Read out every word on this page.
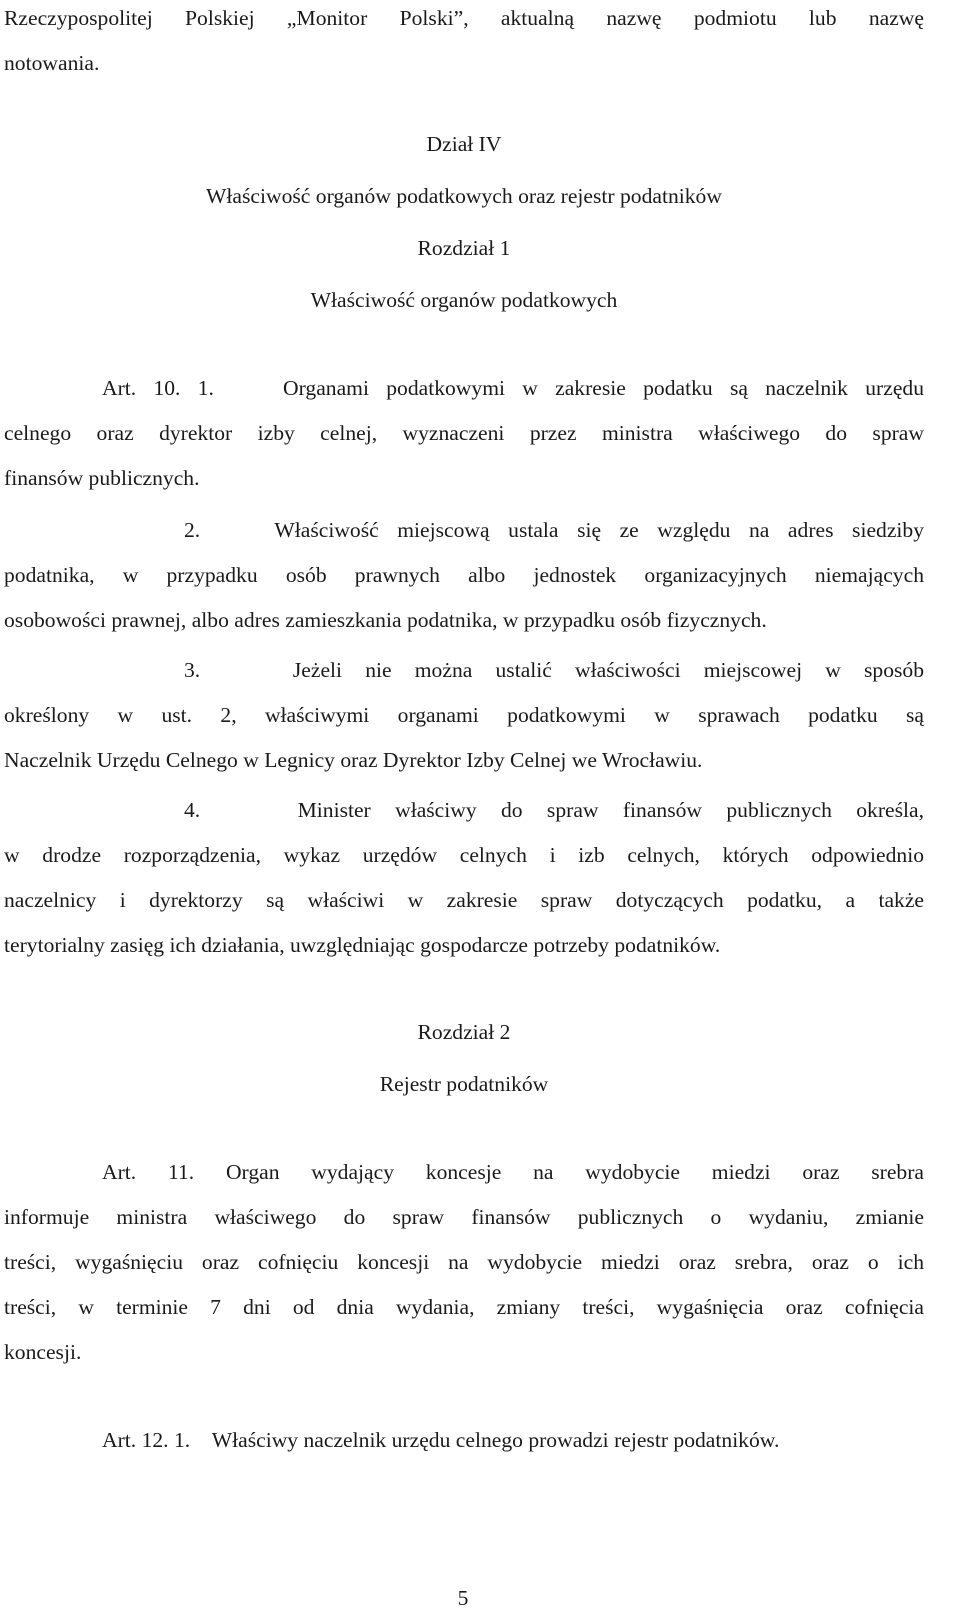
Rzeczypospolitej Polskiej „Monitor Polski”, aktualną nazwę podmiotu lub nazwę
notowania.

Dział IV

Właściwość organów podatkowych oraz rejestr podatników

Rozdział 1

Właściwość organów podatkowych

Art. 10. 1.	Organami podatkowymi w zakresie podatku są naczelnik urzędu
celnego oraz dyrektor izby celnej, wyznaczeni przez ministra właściwego do spraw
finansów publicznych.
2.	Właściwość miejscową ustala się ze względu na adres siedziby
podatnika, w przypadku osób prawnych albo jednostek organizacyjnych niemających
osobowości prawnej, albo adres zamieszkania podatnika, w przypadku osób fizycznych.
3.	Jeżeli nie można ustalić właściwości miejscowej w sposób
określony w ust. 2, właściwymi organami podatkowymi w sprawach podatku są
Naczelnik Urzędu Celnego w Legnicy oraz Dyrektor Izby Celnej we Wrocławiu.
4.	Minister właściwy do spraw finansów publicznych określa,
w drodze rozporządzenia, wykaz urzędów celnych i izb celnych, których odpowiednio
naczelnicy i dyrektorzy są właściwi w zakresie spraw dotyczących podatku, a także
terytorialny zasięg ich działania, uwzględniając gospodarcze potrzeby podatników.

Rozdział 2

Rejestr podatników

Art. 11. Organ wydający koncesje na wydobycie miedzi oraz srebra
informuje ministra właściwego do spraw finansów publicznych o wydaniu, zmianie
treści, wygaśnięciu oraz cofnięciu koncesji na wydobycie miedzi oraz srebra, oraz o ich
treści, w terminie 7 dni od dnia wydania, zmiany treści, wygaśnięcia oraz cofnięcia
koncesji.
Art. 12. 1. Właściwy naczelnik urzędu celnego prowadzi rejestr podatników.
5
